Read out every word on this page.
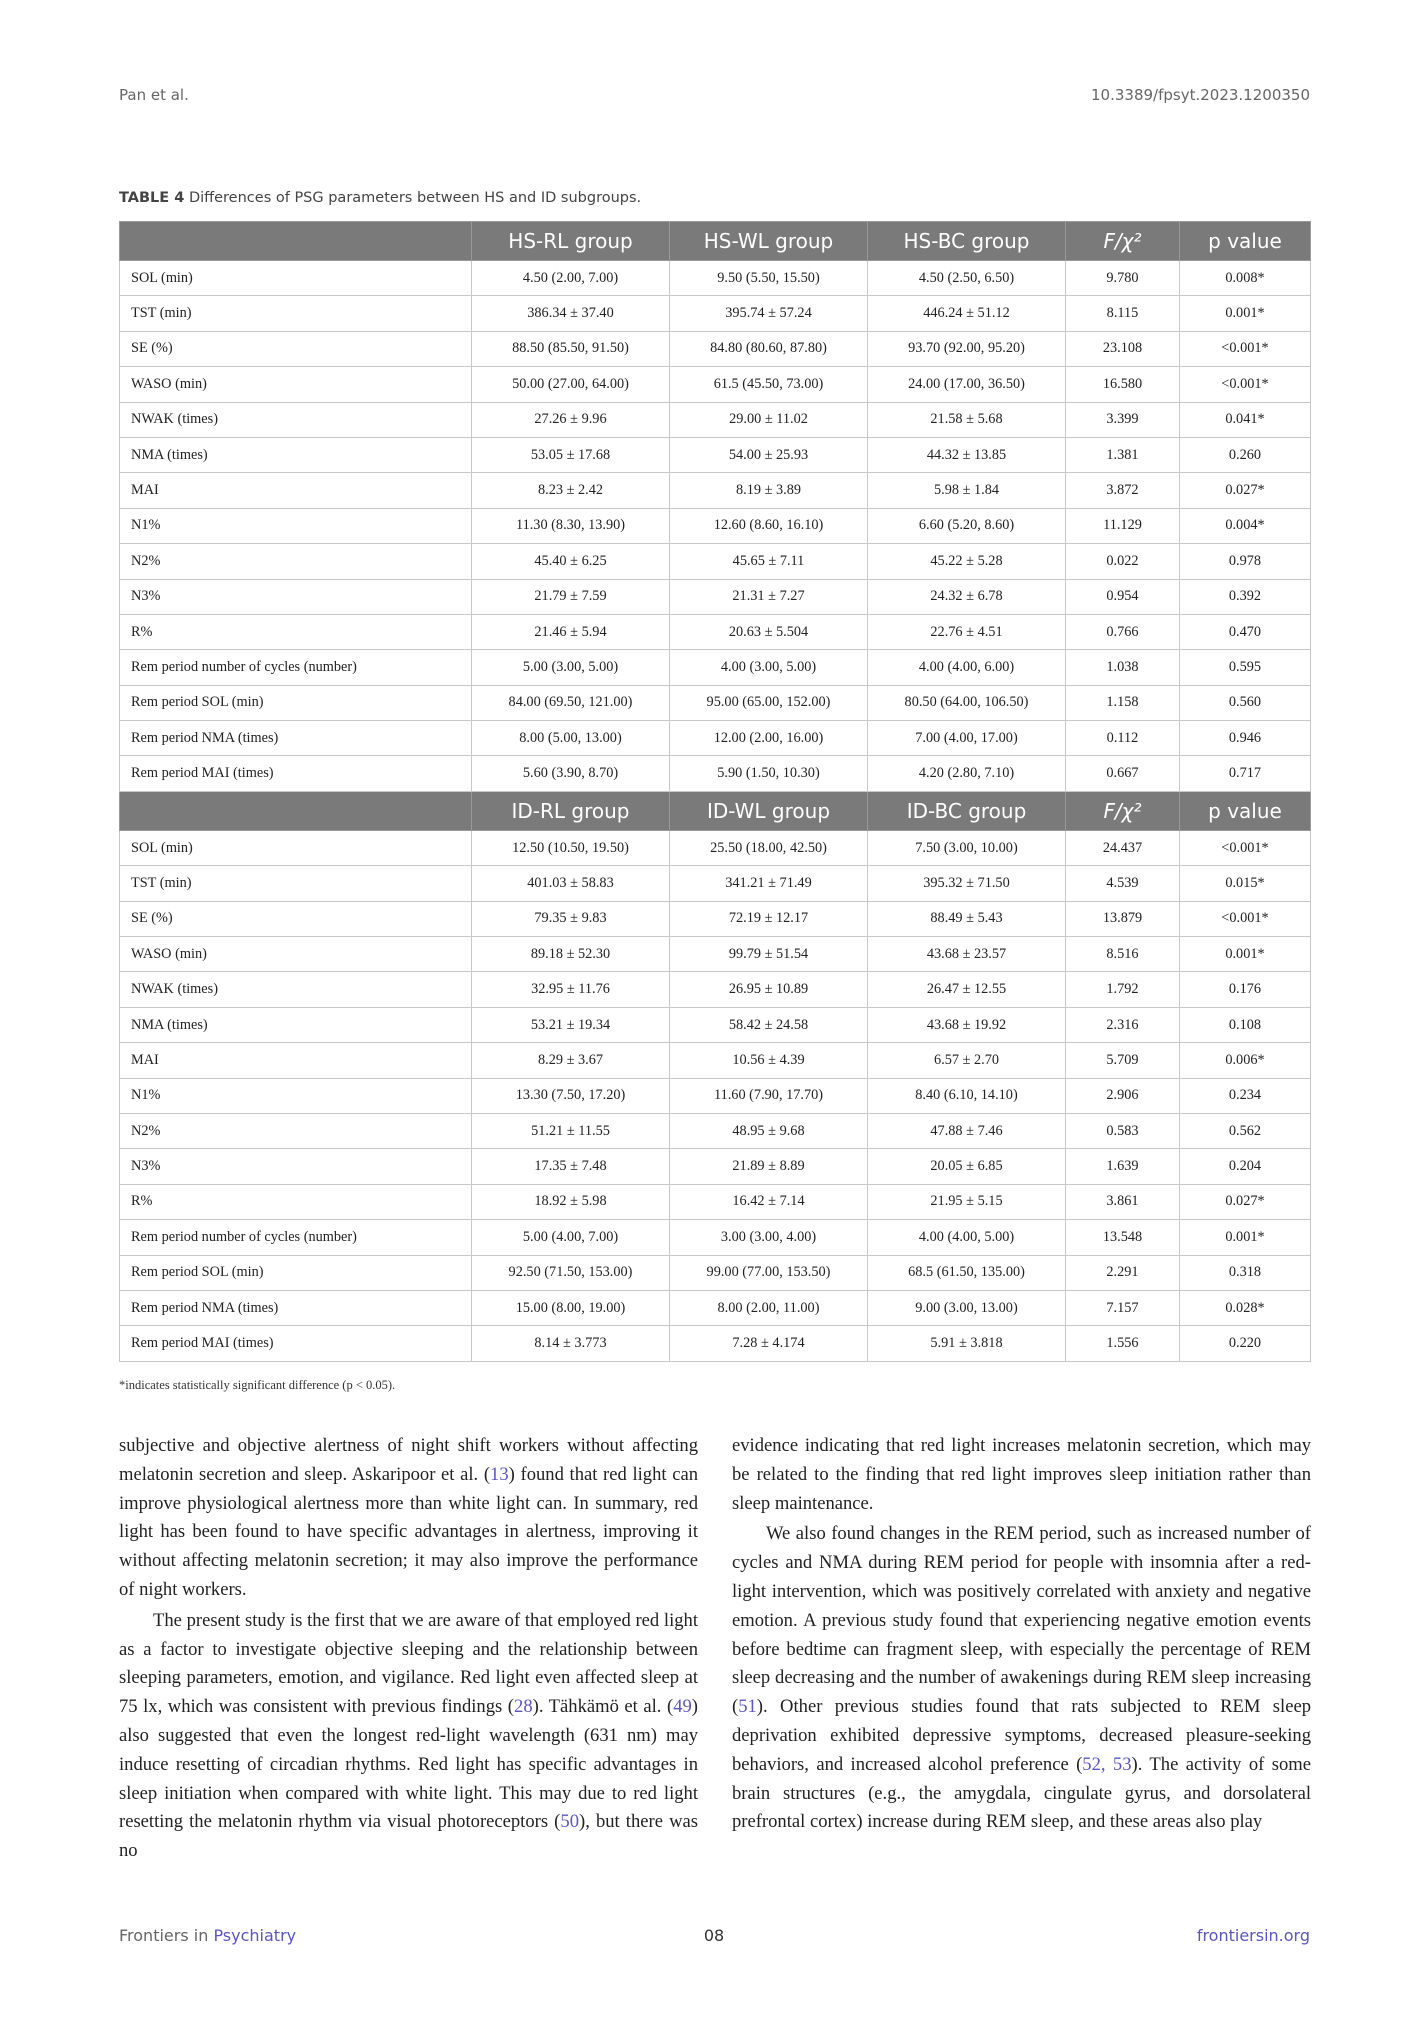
Pan et al.	10.3389/fpsyt.2023.1200350
TABLE 4 Differences of PSG parameters between HS and ID subgroups.
	HS-RL group	HS-WL group	HS-BC group	F/χ²	p value
SOL (min)	4.50 (2.00, 7.00)	9.50 (5.50, 15.50)	4.50 (2.50, 6.50)	9.780	0.008*
TST (min)	386.34 ± 37.40	395.74 ± 57.24	446.24 ± 51.12	8.115	0.001*
SE (%)	88.50 (85.50, 91.50)	84.80 (80.60, 87.80)	93.70 (92.00, 95.20)	23.108	<0.001*
WASO (min)	50.00 (27.00, 64.00)	61.5 (45.50, 73.00)	24.00 (17.00, 36.50)	16.580	<0.001*
NWAK (times)	27.26 ± 9.96	29.00 ± 11.02	21.58 ± 5.68	3.399	0.041*
NMA (times)	53.05 ± 17.68	54.00 ± 25.93	44.32 ± 13.85	1.381	0.260
MAI	8.23 ± 2.42	8.19 ± 3.89	5.98 ± 1.84	3.872	0.027*
N1%	11.30 (8.30, 13.90)	12.60 (8.60, 16.10)	6.60 (5.20, 8.60)	11.129	0.004*
N2%	45.40 ± 6.25	45.65 ± 7.11	45.22 ± 5.28	0.022	0.978
N3%	21.79 ± 7.59	21.31 ± 7.27	24.32 ± 6.78	0.954	0.392
R%	21.46 ± 5.94	20.63 ± 5.504	22.76 ± 4.51	0.766	0.470
Rem period number of cycles (number)	5.00 (3.00, 5.00)	4.00 (3.00, 5.00)	4.00 (4.00, 6.00)	1.038	0.595
Rem period SOL (min)	84.00 (69.50, 121.00)	95.00 (65.00, 152.00)	80.50 (64.00, 106.50)	1.158	0.560
Rem period NMA (times)	8.00 (5.00, 13.00)	12.00 (2.00, 16.00)	7.00 (4.00, 17.00)	0.112	0.946
Rem period MAI (times)	5.60 (3.90, 8.70)	5.90 (1.50, 10.30)	4.20 (2.80, 7.10)	0.667	0.717
	ID-RL group	ID-WL group	ID-BC group	F/χ²	p value
SOL (min)	12.50 (10.50, 19.50)	25.50 (18.00, 42.50)	7.50 (3.00, 10.00)	24.437	<0.001*
TST (min)	401.03 ± 58.83	341.21 ± 71.49	395.32 ± 71.50	4.539	0.015*
SE (%)	79.35 ± 9.83	72.19 ± 12.17	88.49 ± 5.43	13.879	<0.001*
WASO (min)	89.18 ± 52.30	99.79 ± 51.54	43.68 ± 23.57	8.516	0.001*
NWAK (times)	32.95 ± 11.76	26.95 ± 10.89	26.47 ± 12.55	1.792	0.176
NMA (times)	53.21 ± 19.34	58.42 ± 24.58	43.68 ± 19.92	2.316	0.108
MAI	8.29 ± 3.67	10.56 ± 4.39	6.57 ± 2.70	5.709	0.006*
N1%	13.30 (7.50, 17.20)	11.60 (7.90, 17.70)	8.40 (6.10, 14.10)	2.906	0.234
N2%	51.21 ± 11.55	48.95 ± 9.68	47.88 ± 7.46	0.583	0.562
N3%	17.35 ± 7.48	21.89 ± 8.89	20.05 ± 6.85	1.639	0.204
R%	18.92 ± 5.98	16.42 ± 7.14	21.95 ± 5.15	3.861	0.027*
Rem period number of cycles (number)	5.00 (4.00, 7.00)	3.00 (3.00, 4.00)	4.00 (4.00, 5.00)	13.548	0.001*
Rem period SOL (min)	92.50 (71.50, 153.00)	99.00 (77.00, 153.50)	68.5 (61.50, 135.00)	2.291	0.318
Rem period NMA (times)	15.00 (8.00, 19.00)	8.00 (2.00, 11.00)	9.00 (3.00, 13.00)	7.157	0.028*
Rem period MAI (times)	8.14 ± 3.773	7.28 ± 4.174	5.91 ± 3.818	1.556	0.220
*indicates statistically significant difference (p < 0.05).

subjective and objective alertness of night shift workers without affecting melatonin secretion and sleep. Askaripoor et al. (13) found that red light can improve physiological alertness more than white light can. In summary, red light has been found to have specific advantages in alertness, improving it without affecting melatonin secretion; it may also improve the performance of night workers.

The present study is the first that we are aware of that employed red light as a factor to investigate objective sleeping and the relationship between sleeping parameters, emotion, and vigilance. Red light even affected sleep at 75 lx, which was consistent with previous findings (28). Tähkämö et al. (49) also suggested that even the longest red-light wavelength (631 nm) may induce resetting of circadian rhythms. Red light has specific advantages in sleep initiation when compared with white light. This may due to red light resetting the melatonin rhythm via visual photoreceptors (50), but there was no

evidence indicating that red light increases melatonin secretion, which may be related to the finding that red light improves sleep initiation rather than sleep maintenance.

We also found changes in the REM period, such as increased number of cycles and NMA during REM period for people with insomnia after a red-light intervention, which was positively correlated with anxiety and negative emotion. A previous study found that experiencing negative emotion events before bedtime can fragment sleep, with especially the percentage of REM sleep decreasing and the number of awakenings during REM sleep increasing (51). Other previous studies found that rats subjected to REM sleep deprivation exhibited depressive symptoms, decreased pleasure-seeking behaviors, and increased alcohol preference (52, 53). The activity of some brain structures (e.g., the amygdala, cingulate gyrus, and dorsolateral prefrontal cortex) increase during REM sleep, and these areas also play

Frontiers in Psychiatry	08	frontiersin.org
